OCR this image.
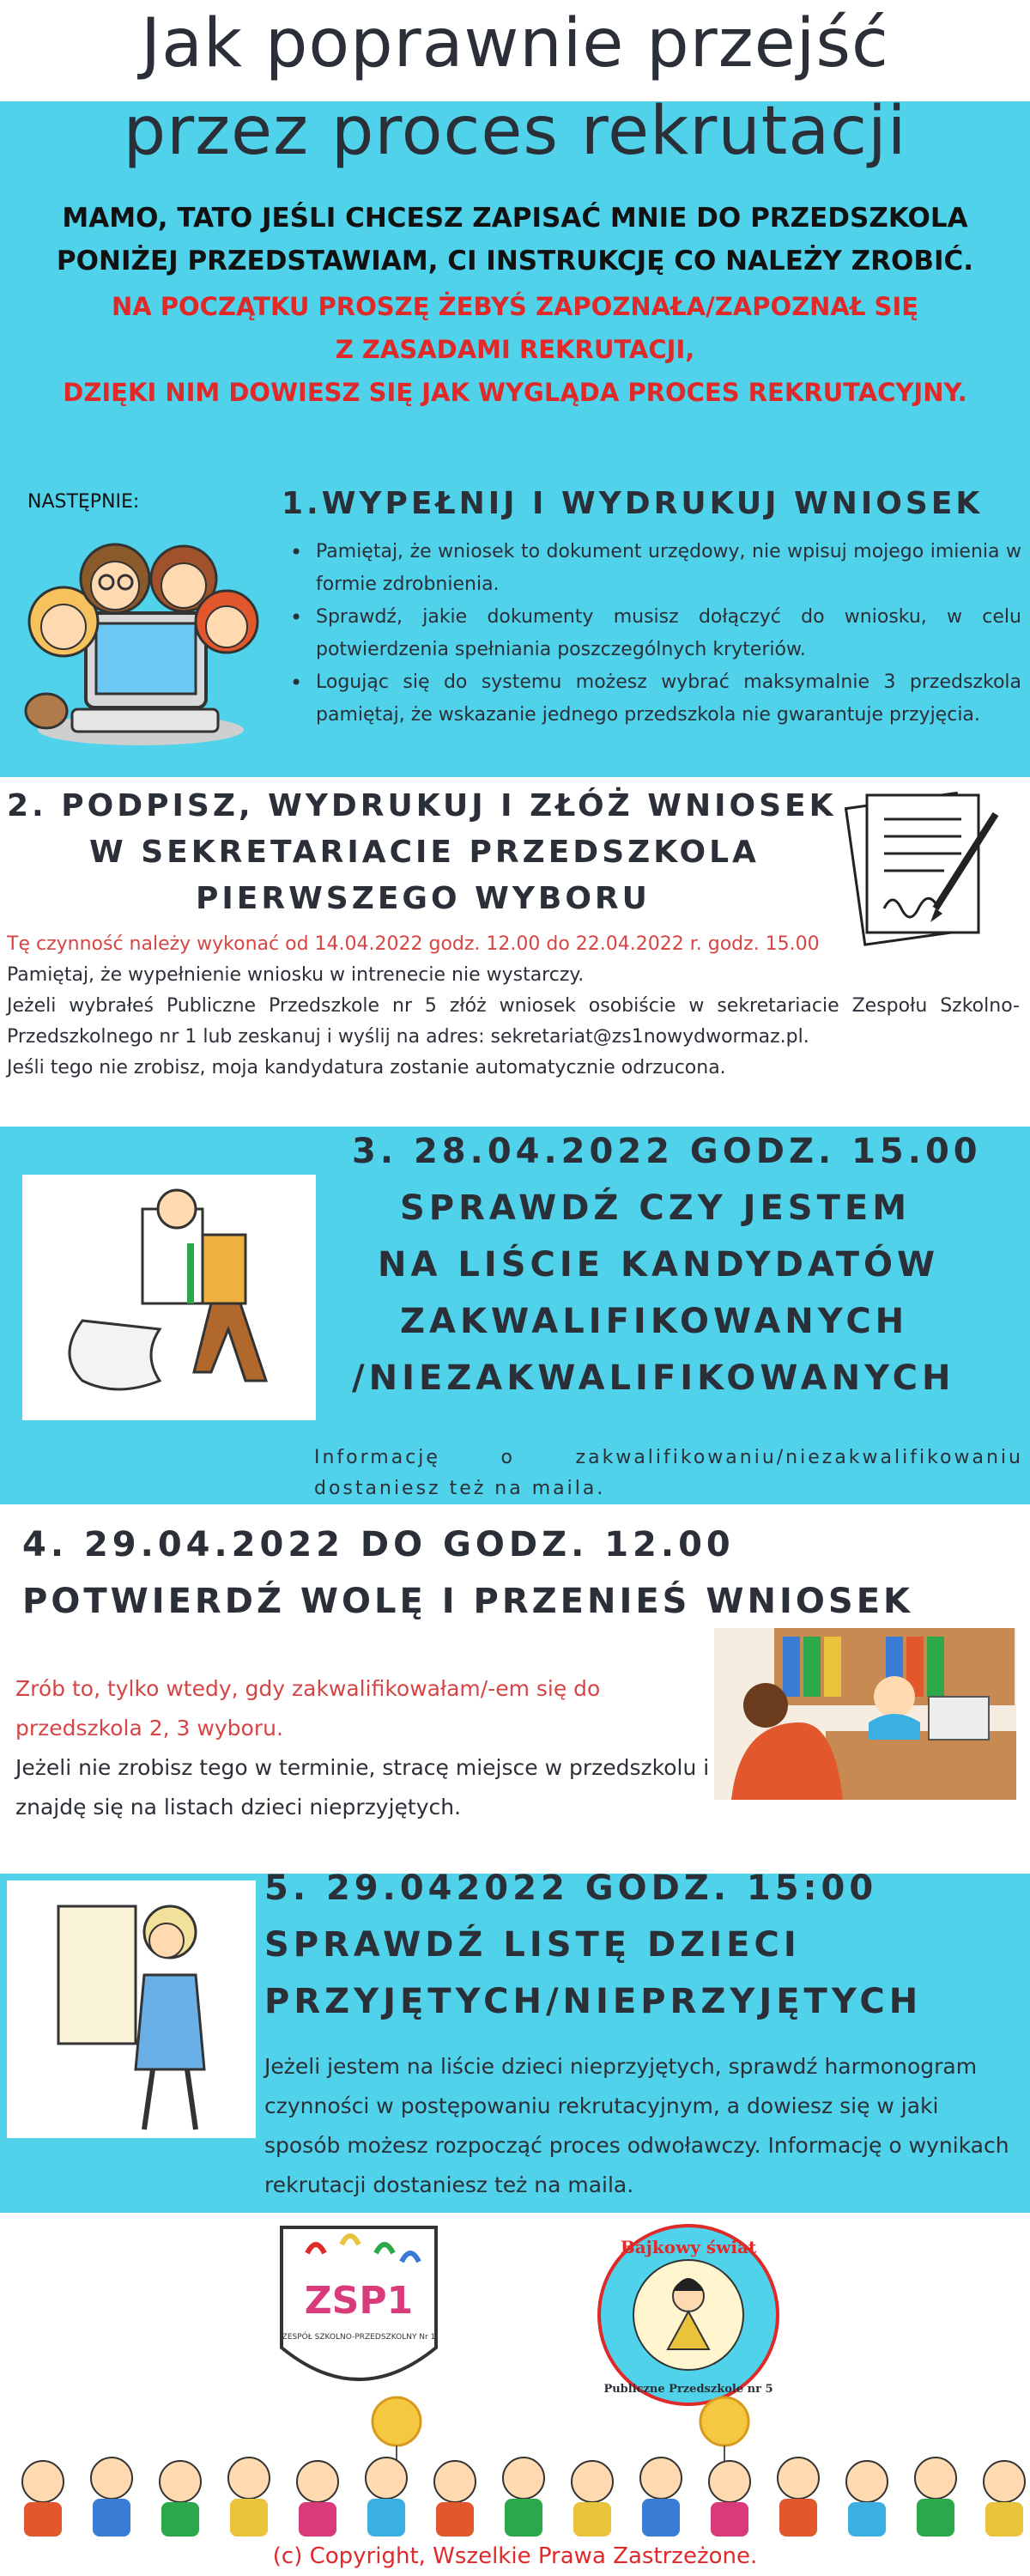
Jak poprawnie przejść
przez proces rekrutacji
MAMO, TATO JEŚLI CHCESZ ZAPISAĆ MNIE DO PRZEDSZKOLA
PONIŻEJ PRZEDSTAWIAM, CI INSTRUKCJĘ CO NALEŻY ZROBIĆ.
NA POCZĄTKU PROSZĘ ŻEBYŚ ZAPOZNAŁA/ZAPOZNAŁ SIĘ
Z ZASADAMI REKRUTACJI,
DZIĘKI NIM DOWIESZ SIĘ JAK WYGLĄDA PROCES REKRUTACYJNY.
NASTĘPNIE:	1.WYPEŁNIJ I WYDRUKUJ WNIOSEK
• Pamiętaj, że wniosek to dokument urzędowy, nie wpisuj mojego imienia w formie zdrobnienia.
• Sprawdź, jakie dokumenty musisz dołączyć do wniosku, w celu potwierdzenia spełniania poszczególnych kryteriów.
• Logując się do systemu możesz wybrać maksymalnie 3 przedszkola pamiętaj, że wskazanie jednego przedszkola nie gwarantuje przyjęcia.
2. PODPISZ, WYDRUKUJ I ZŁÓŻ WNIOSEK
W SEKRETARIACIE PRZEDSZKOLA
PIERWSZEGO WYBORU
Tę czynność należy wykonać od 14.04.2022 godz. 12.00 do 22.04.2022 r. godz. 15.00
Pamiętaj, że wypełnienie wniosku w intrenecie nie wystarczy.
Jeżeli wybrałeś Publiczne Przedszkole nr 5 złóż wniosek osobiście w sekretariacie Zespołu Szkolno-Przedszkolnego nr 1 lub zeskanuj i wyślij na adres: sekretariat@zs1nowydwormaz.pl.
Jeśli tego nie zrobisz, moja kandydatura zostanie automatycznie odrzucona.
3. 28.04.2022 GODZ. 15.00
SPRAWDŹ CZY JESTEM
NA LIŚCIE KANDYDATÓW
ZAKWALIFIKOWANYCH
/NIEZAKWALIFIKOWANYCH
Informację o zakwalifikowaniu/niezakwalifikowaniu dostaniesz też na maila.
4. 29.04.2022 DO GODZ. 12.00
POTWIERDŹ WOLĘ I PRZENIEŚ WNIOSEK
Zrób to, tylko wtedy, gdy zakwalifikowałam/-em się do przedszkola 2, 3 wyboru.
Jeżeli nie zrobisz tego w terminie, stracę miejsce w przedszkolu i znajdę się na listach dzieci nieprzyjętych.
5. 29.042022 GODZ. 15:00
SPRAWDŹ LISTĘ DZIECI
PRZYJĘTYCH/NIEPRZYJĘTYCH
Jeżeli jestem na liście dzieci nieprzyjętych, sprawdź harmonogram czynności w postępowaniu rekrutacyjnym, a dowiesz się w jaki sposób możesz rozpocząć proces odwoławczy. Informację o wynikach rekrutacji dostaniesz też na maila.
ZSP1
ZESPÓŁ SZKOLNO-PRZEDSZKOLNY Nr 1
Bajkowy świat
Publiczne Przedszkole nr 5
(c) Copyright, Wszelkie Prawa Zastrzeżone.
